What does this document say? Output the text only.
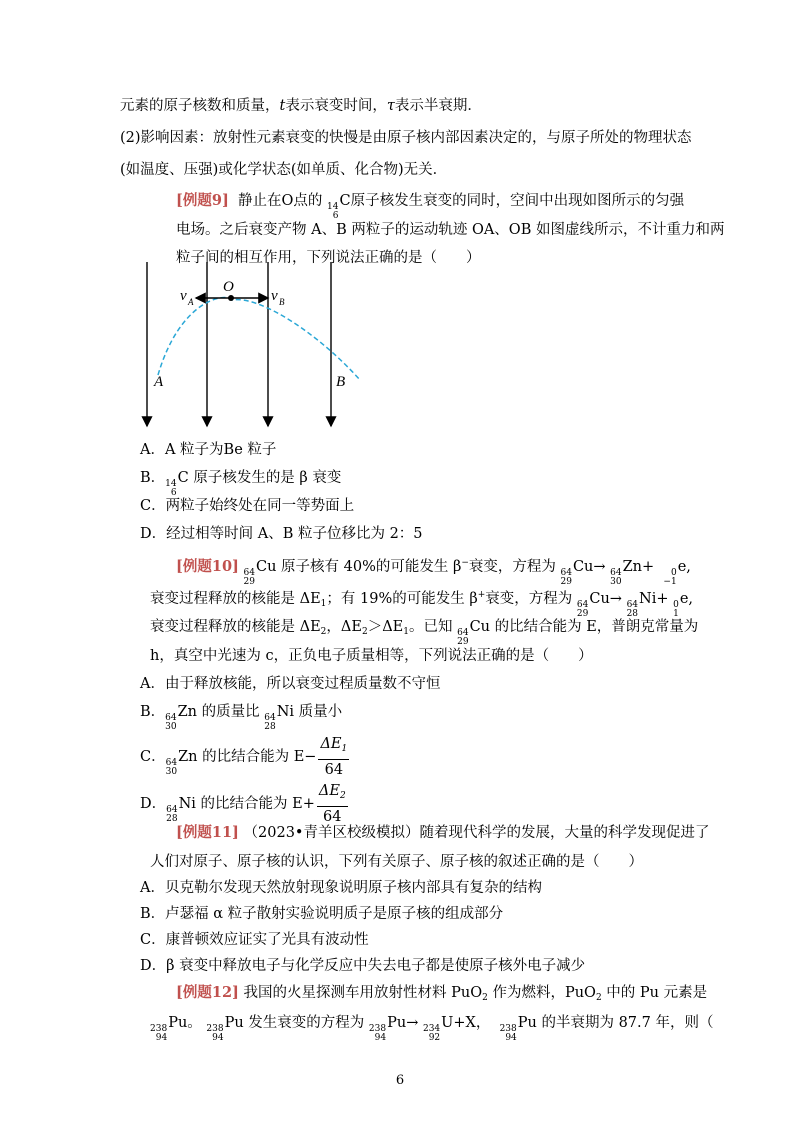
元素的原子核数和质量，t表示衰变时间，τ表示半衰期．
(2)影响因素：放射性元素衰变的快慢是由原子核内部因素决定的，与原子所处的物理状态
(如温度、压强)或化学状态(如单质、化合物)无关．
[例题9] 静止在O点的 14
6
C原子核发生衰变的同时，空间中出现如图所示的匀强
电场。之后衰变产物 A、B 两粒子的运动轨迹 OA、OB 如图虚线所示，不计重力和两
粒子间的相互作用，下列说法正确的是（　　）
O
v A	v B
A	B
A．A 粒子为Be 粒子
B． 14
6
C 原子核发生的是 β 衰变
C．两粒子始终处在同一等势面上
D．经过相等时间 A、B 粒子位移比为 2：5
[例题10] 64
29
Cu 原子核有 40%的可能发生 β−衰变，方程为 64
29
Cu→ 64
30
Zn+ 0
−1
e,
衰变过程释放的核能是 $\Delta E_1$；有 19%的可能发生 β+衰变，方程为 64
29
Cu→ 64
28
Ni+ 0
1
e,
衰变过程释放的核能是 $\Delta E_2$，$\Delta E_2>\Delta E_1$。已知 64
29
Cu 的比结合能为 E，普朗克常量为
h，真空中光速为 c，正负电子质量相等，下列说法正确的是（　　）
A．由于释放核能，所以衰变过程质量数不守恒
B． 64
30
Zn 的质量比 64
28
Ni 质量小
C． 64
30
Zn 的比结合能为 $E- \frac{\Delta E_1}{64}$
D． 64
28
Ni 的比结合能为 $E+ \frac{\Delta E_2}{64}$
[例题11] （2023•青羊区校级模拟）随着现代科学的发展，大量的科学发现促进了
人们对原子、原子核的认识，下列有关原子、原子核的叙述正确的是（　　）
A．贝克勒尔发现天然放射现象说明原子核内部具有复杂的结构
B．卢瑟福 α 粒子散射实验说明质子是原子核的组成部分
C．康普顿效应证实了光具有波动性
D．β 衰变中释放电子与化学反应中失去电子都是使原子核外电子减少
[例题12] 我国的火星探测车用放射性材料 PuO$_2$ 作为燃料，PuO$_2$ 中的 Pu 元素是
238
94
Pu。 238
94
Pu 发生衰变的方程为 238
94
Pu→ 234
92
U+X， 238
94
Pu 的半衰期为 87.7 年，则（
6
